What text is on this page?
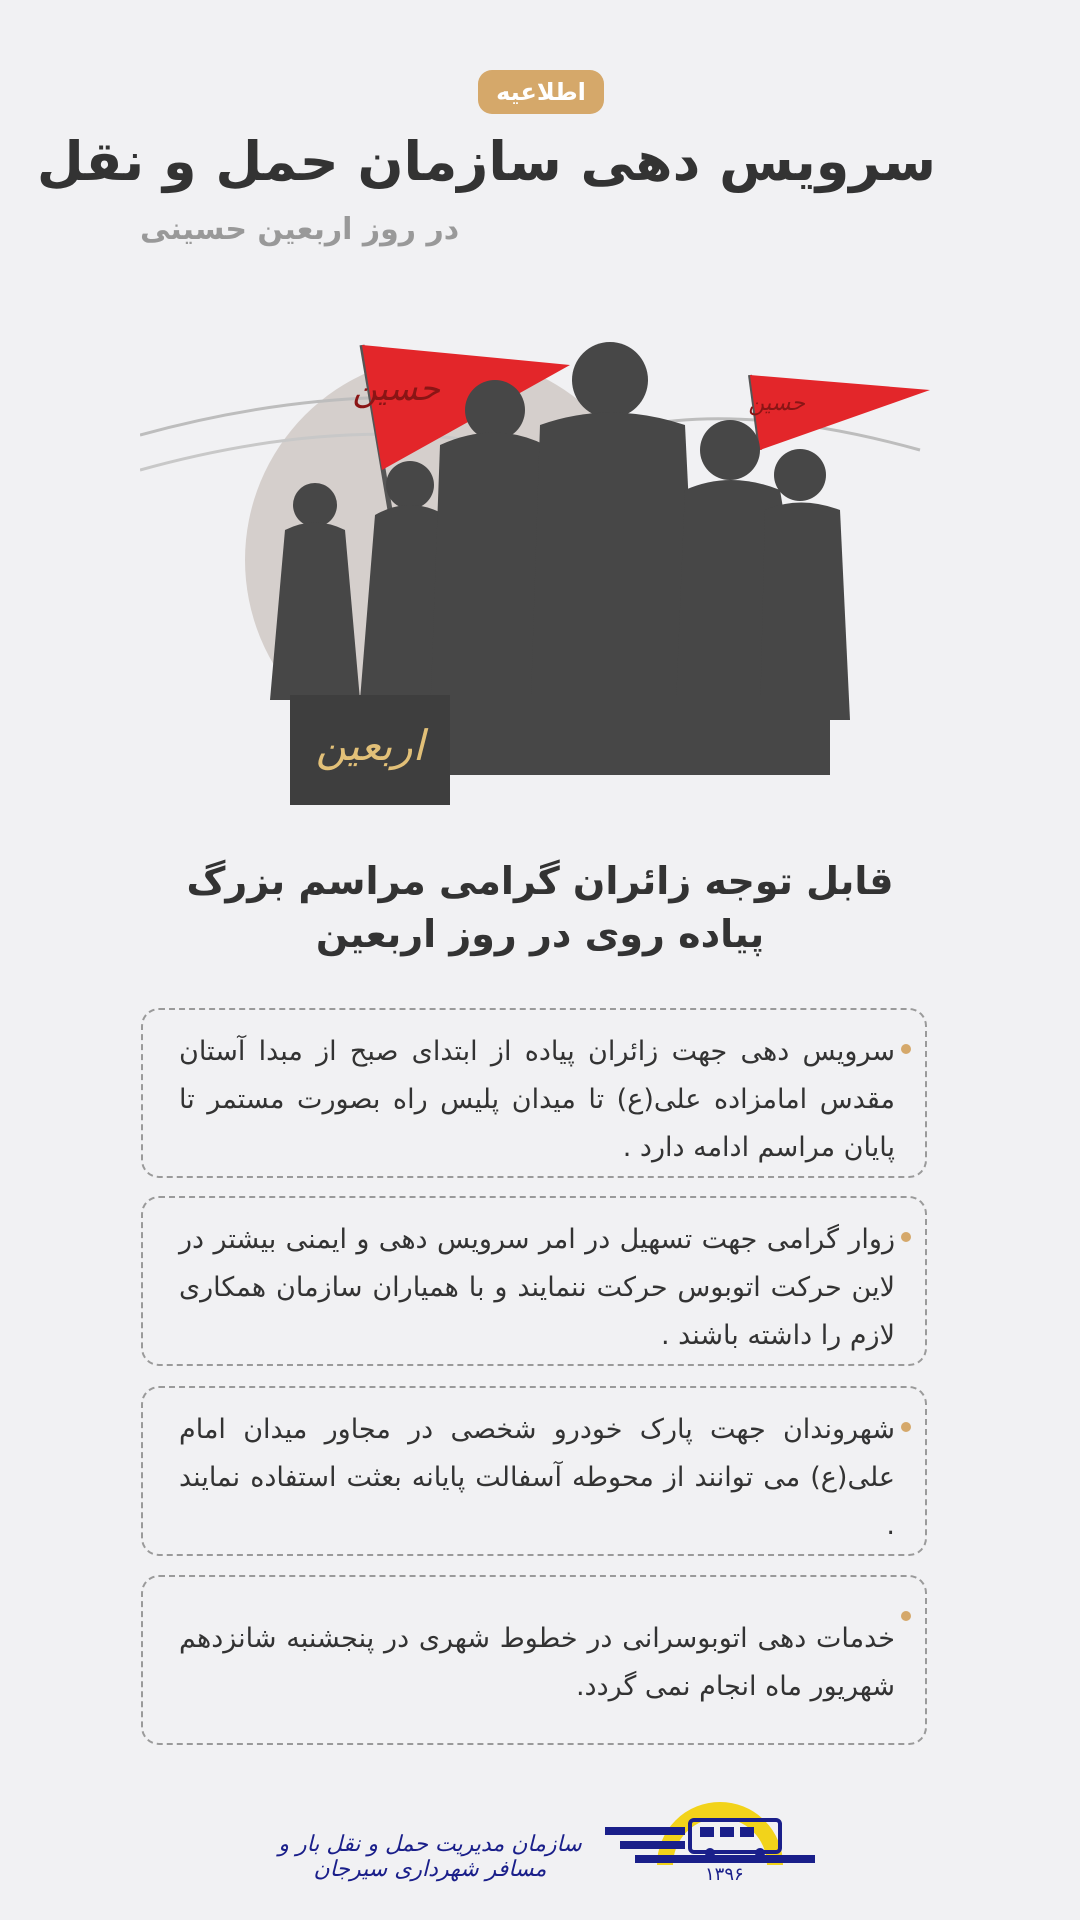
اطلاعیه
سرویس دهی سازمان حمل و نقل
در روز اربعین حسینی
حسین	حسین
اربعین
قابل توجه زائران گرامی مراسم بزرگ
پیاده روی در روز اربعین
سرویس دهی جهت زائران پیاده از ابتدای صبح از مبدا آستان مقدس امامزاده علی(ع) تا میدان پلیس راه بصورت مستمر تا پایان مراسم ادامه دارد .
زوار گرامی جهت تسهیل در امر سرویس دهی و ایمنی بیشتر در لاین حرکت اتوبوس حرکت ننمایند و با همیاران سازمان همکاری لازم را داشته باشند .
شهروندان جهت پارک خودرو شخصی در مجاور میدان امام علی(ع) می توانند از محوطه آسفالت پایانه بعثت استفاده نمایند .
خدمات دهی اتوبوسرانی در خطوط شهری در پنجشنبه شانزدهم شهریور ماه انجام نمی گردد.
سازمان مدیریت حمل و نقل بار و مسافر شهرداری سیرجان	۱۳۹۶
